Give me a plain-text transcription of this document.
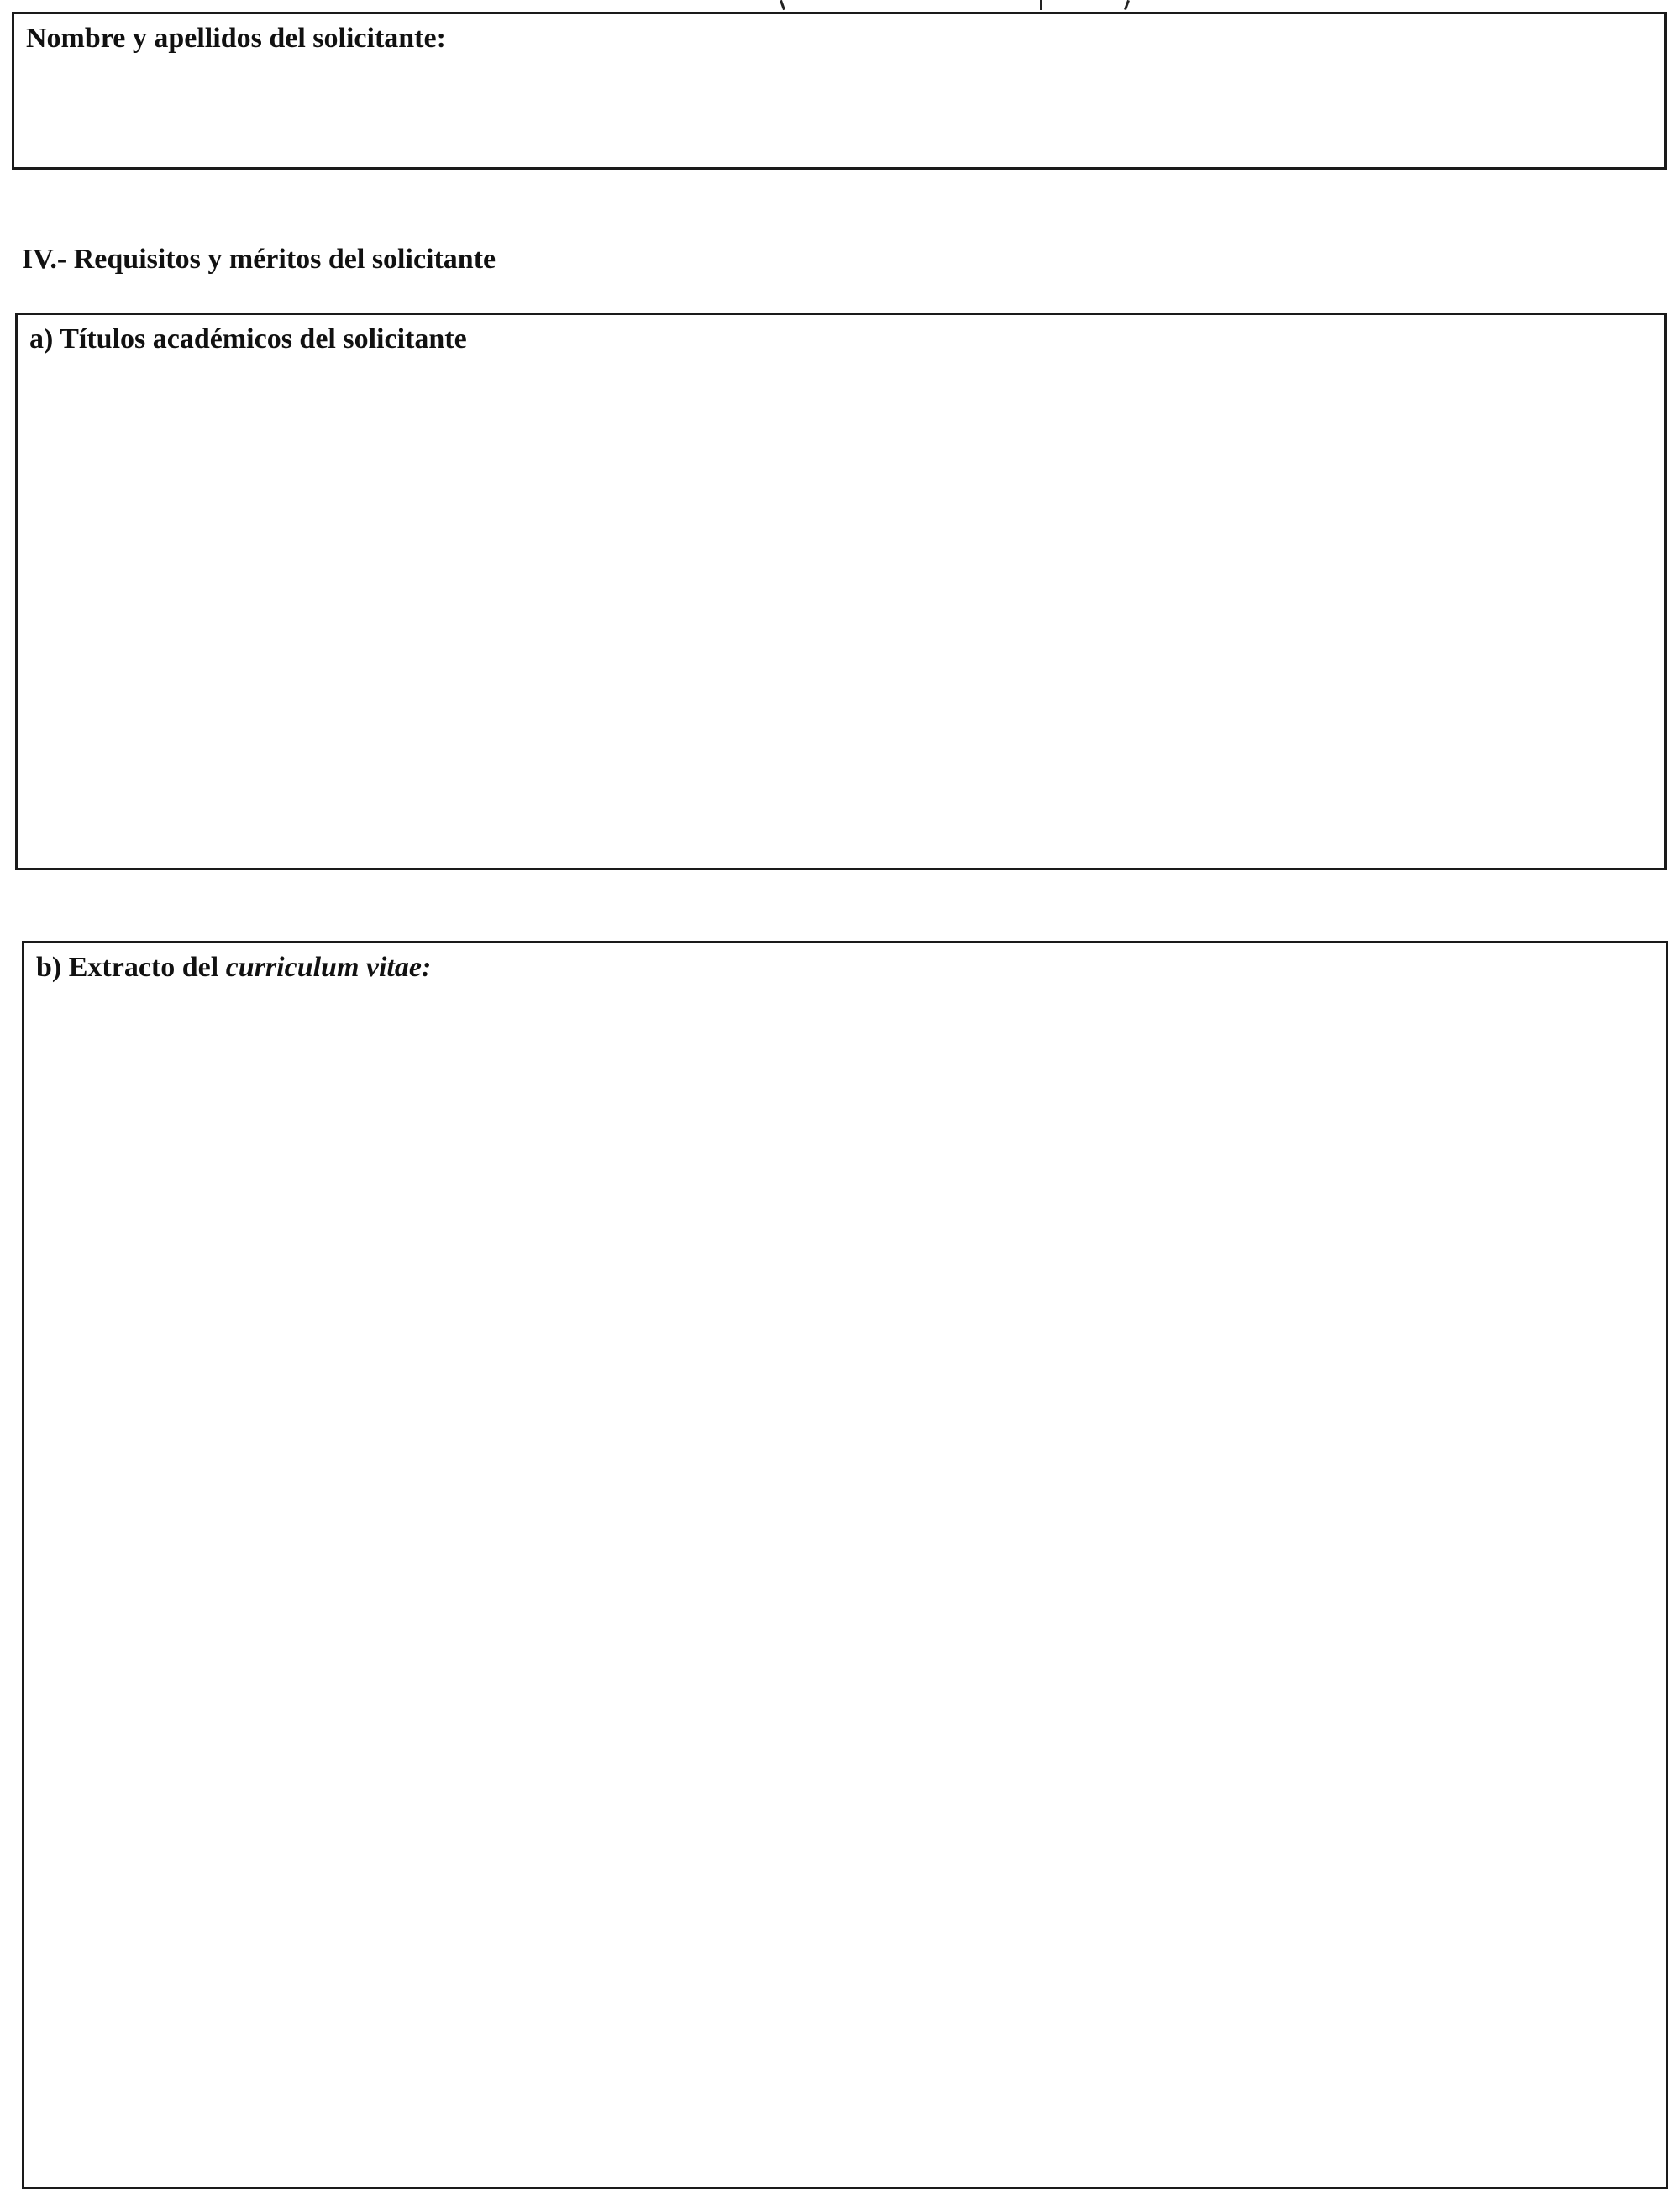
Nombre y apellidos del solicitante:
IV.- Requisitos y méritos del solicitante
a) Títulos académicos del solicitante
b) Extracto del curriculum vitae:
